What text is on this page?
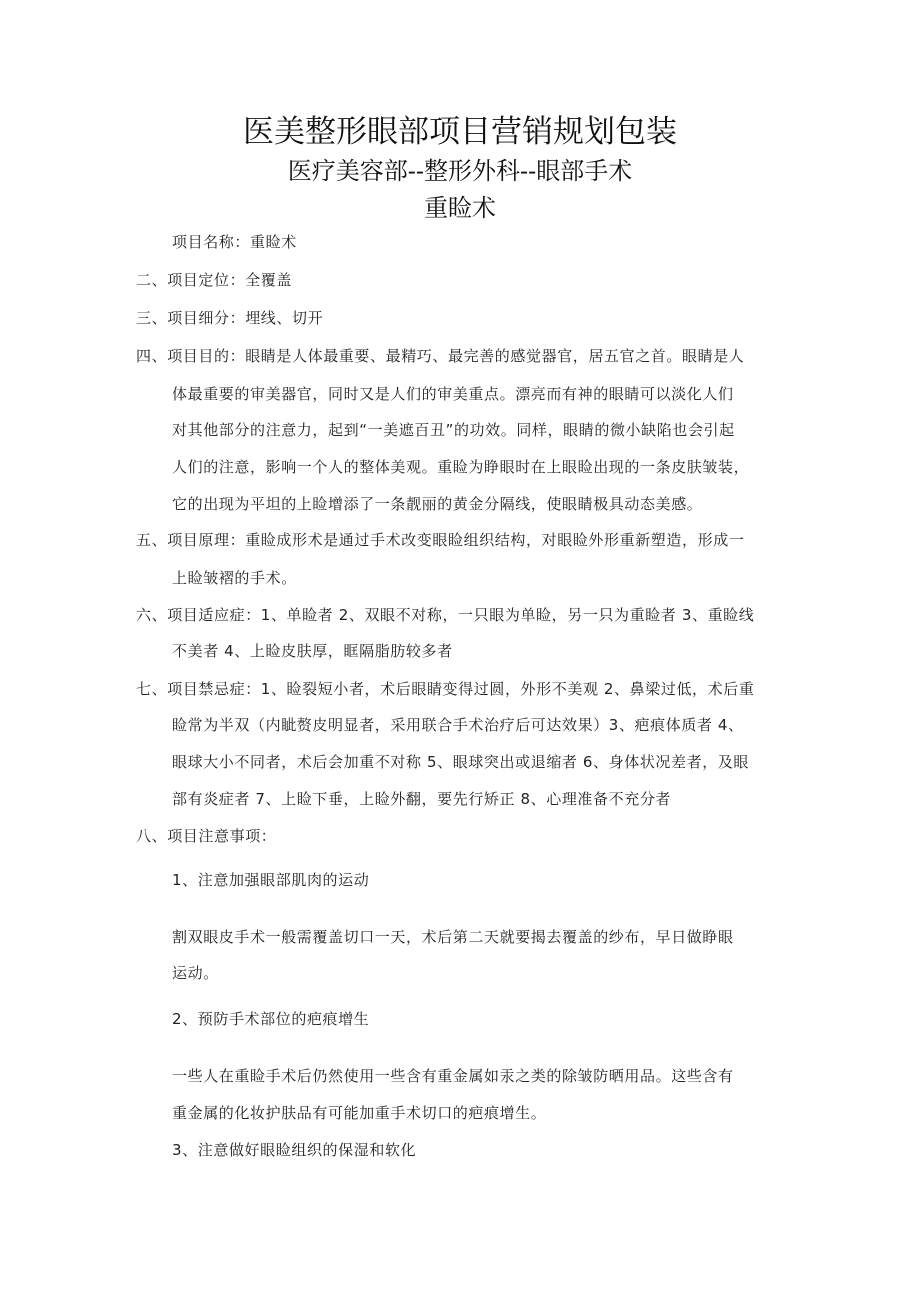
医美整形眼部项目营销规划包装
医疗美容部--整形外科--眼部手术
重睑术
项目名称：重睑术
二、项目定位：全覆盖
三、项目细分：埋线、切开
四、项目目的：眼睛是人体最重要、最精巧、最完善的感觉器官，居五官之首。眼睛是人
体最重要的审美器官，同时又是人们的审美重点。漂亮而有神的眼睛可以淡化人们
对其他部分的注意力，起到“一美遮百丑”的功效。同样，眼睛的微小缺陷也会引起
人们的注意，影响一个人的整体美观。重睑为睁眼时在上眼睑出现的一条皮肤皱装，
它的出现为平坦的上睑增添了一条靓丽的黄金分隔线，使眼睛极具动态美感。
五、项目原理：重睑成形术是通过手术改变眼睑组织结构，对眼睑外形重新塑造，形成一
上睑皱褶的手术。
六、项目适应症：1、单睑者 2、双眼不对称，一只眼为单睑，另一只为重睑者 3、重睑线
不美者 4、上睑皮肤厚，眶隔脂肪较多者
七、项目禁忌症：1、睑裂短小者，术后眼睛变得过圆，外形不美观 2、鼻梁过低，术后重
睑常为半双（内眦赘皮明显者，采用联合手术治疗后可达效果）3、疤痕体质者 4、
眼球大小不同者，术后会加重不对称 5、眼球突出或退缩者 6、身体状况差者，及眼
部有炎症者 7、上睑下垂，上睑外翻，要先行矫正 8、心理准备不充分者
八、项目注意事项：
1、注意加强眼部肌肉的运动
割双眼皮手术一般需覆盖切口一天，术后第二天就要揭去覆盖的纱布，早日做睁眼
运动。
2、预防手术部位的疤痕增生
一些人在重睑手术后仍然使用一些含有重金属如汞之类的除皱防晒用品。这些含有
重金属的化妆护肤品有可能加重手术切口的疤痕增生。
3、注意做好眼睑组织的保湿和软化
